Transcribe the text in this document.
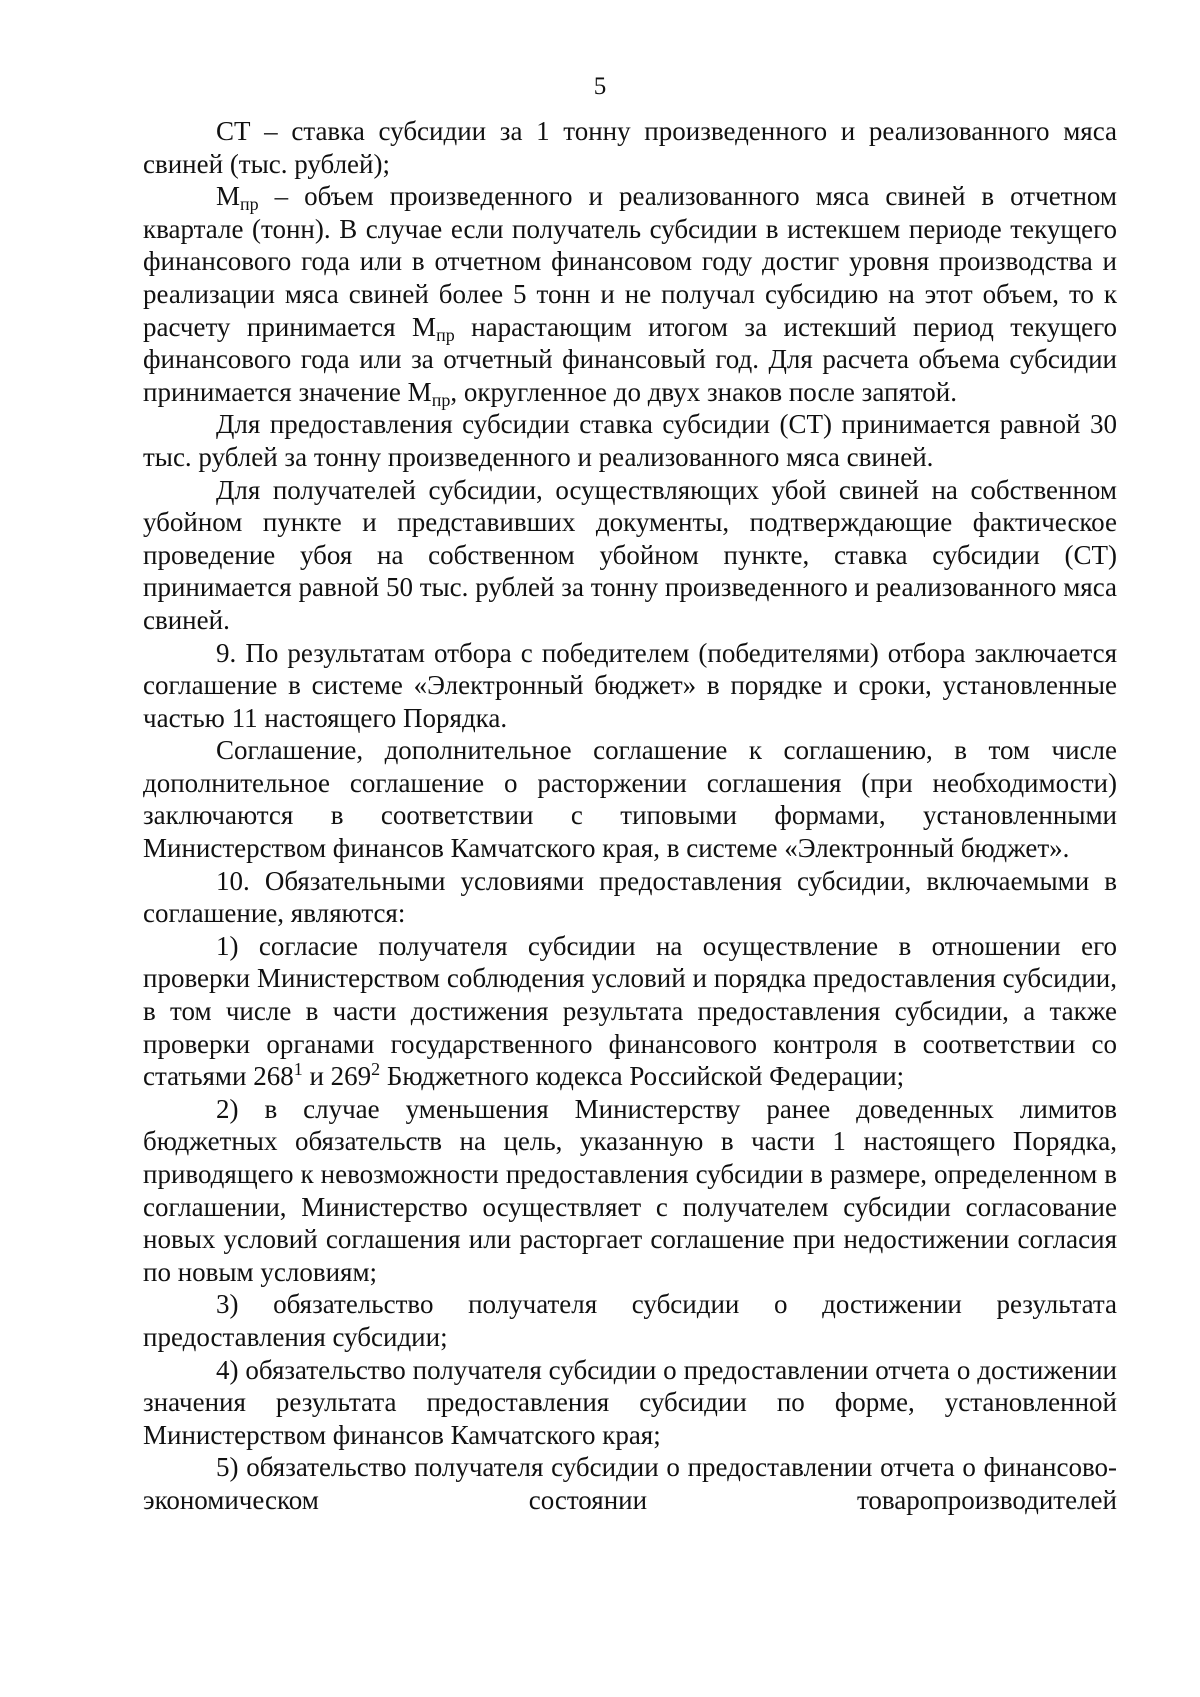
5

СТ – ставка субсидии за 1 тонну произведенного и реализованного мяса свиней (тыс. рублей);

$М_{пр}$ – объем произведенного и реализованного мяса свиней в отчетном квартале (тонн). В случае если получатель субсидии в истекшем периоде текущего финансового года или в отчетном финансовом году достиг уровня производства и реализации мяса свиней более 5 тонн и не получал субсидию на этот объем, то к расчету принимается $М_{пр}$ нарастающим итогом за истекший период текущего финансового года или за отчетный финансовый год. Для расчета объема субсидии принимается значение $М_{пр}$, округленное до двух знаков после запятой.

Для предоставления субсидии ставка субсидии (СТ) принимается равной 30 тыс. рублей за тонну произведенного и реализованного мяса свиней.

Для получателей субсидии, осуществляющих убой свиней на собственном убойном пункте и представивших документы, подтверждающие фактическое проведение убоя на собственном убойном пункте, ставка субсидии (СТ) принимается равной 50 тыс. рублей за тонну произведенного и реализованного мяса свиней.

9. По результатам отбора с победителем (победителями) отбора заключается соглашение в системе «Электронный бюджет» в порядке и сроки, установленные частью 11 настоящего Порядка.

Соглашение, дополнительное соглашение к соглашению, в том числе дополнительное соглашение о расторжении соглашения (при необходимости) заключаются в соответствии с типовыми формами, установленными Министерством финансов Камчатского края, в системе «Электронный бюджет».

10. Обязательными условиями предоставления субсидии, включаемыми в соглашение, являются:

1) согласие получателя субсидии на осуществление в отношении его проверки Министерством соблюдения условий и порядка предоставления субсидии, в том числе в части достижения результата предоставления субсидии, а также проверки органами государственного финансового контроля в соответствии со статьями $268^1$ и $269^2$ Бюджетного кодекса Российской Федерации;

2) в случае уменьшения Министерству ранее доведенных лимитов бюджетных обязательств на цель, указанную в части 1 настоящего Порядка, приводящего к невозможности предоставления субсидии в размере, определенном в соглашении, Министерство осуществляет с получателем субсидии согласование новых условий соглашения или расторгает соглашение при недостижении согласия по новым условиям;

3) обязательство получателя субсидии о достижении результата предоставления субсидии;

4) обязательство получателя субсидии о предоставлении отчета о достижении значения результата предоставления субсидии по форме, установленной Министерством финансов Камчатского края;

5) обязательство получателя субсидии о предоставлении отчета о финансово-экономическом состоянии товаропроизводителей
